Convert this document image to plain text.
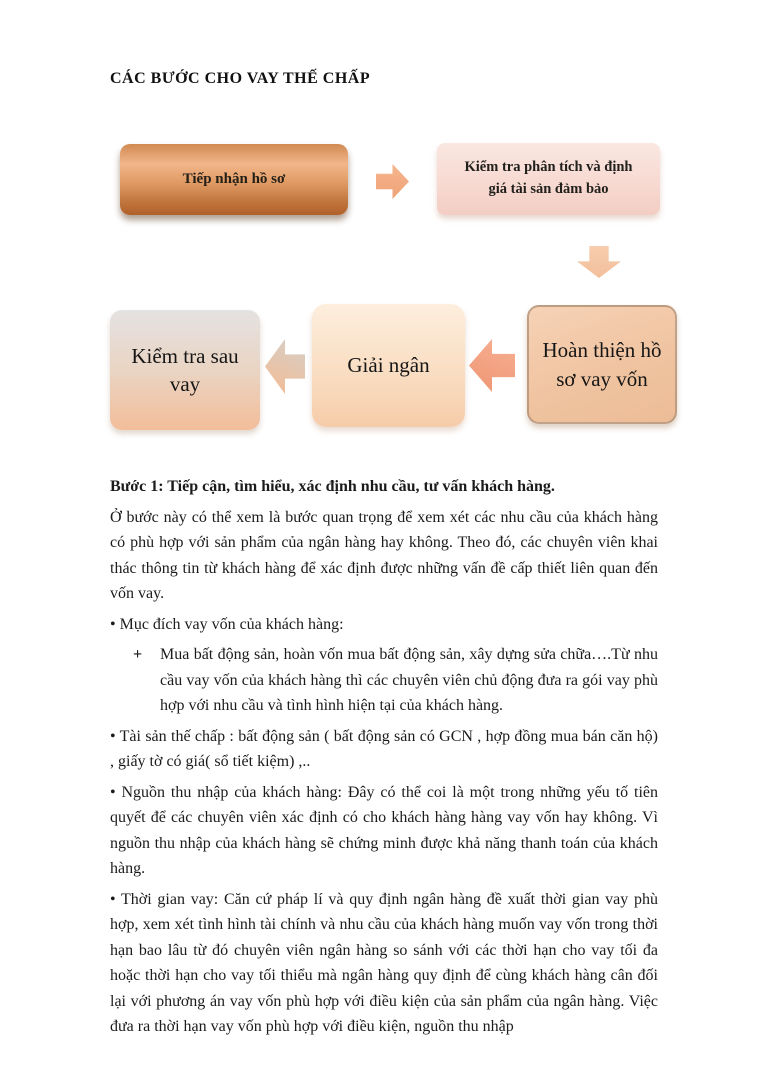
CÁC BƯỚC CHO VAY THẾ CHẤP
Tiếp nhận hồ sơ
Kiểm tra phân tích và định giá tài sản đảm bảo
Hoàn thiện hồ sơ vay vốn
Giải ngân
Kiểm tra sau vay
Bước 1: Tiếp cận, tìm hiểu, xác định nhu cầu, tư vấn khách hàng.

Ở bước này có thể xem là bước quan trọng để xem xét các nhu cầu của khách hàng có phù hợp với sản phẩm của ngân hàng hay không. Theo đó, các chuyên viên khai thác thông tin từ khách hàng để xác định được những vấn đề cấp thiết liên quan đến vốn vay.

• Mục đích vay vốn của khách hàng:

+	Mua bất động sản, hoàn vốn mua bất động sản, xây dựng sửa chữa….Từ nhu cầu vay vốn của khách hàng thì các chuyên viên chủ động đưa ra gói vay phù hợp với nhu cầu và tình hình hiện tại của khách hàng.

• Tài sản thế chấp : bất động sản ( bất động sản có GCN , hợp đồng mua bán căn hộ) , giấy tờ có giá( sổ tiết kiệm) ,..

• Nguồn thu nhập của khách hàng: Đây có thể coi là một trong những yếu tố tiên quyết để các chuyên viên xác định có cho khách hàng hàng vay vốn hay không. Vì nguồn thu nhập của khách hàng sẽ chứng minh được khả năng thanh toán của khách hàng.

• Thời gian vay: Căn cứ pháp lí và quy định ngân hàng đề xuất thời gian vay phù hợp, xem xét tình hình tài chính và nhu cầu của khách hàng muốn vay vốn trong thời hạn bao lâu từ đó chuyên viên ngân hàng so sánh với các thời hạn cho vay tối đa hoặc thời hạn cho vay tối thiểu mà ngân hàng quy định để cùng khách hàng cân đối lại với phương án vay vốn phù hợp với điều kiện của sản phẩm của ngân hàng. Việc đưa ra thời hạn vay vốn phù hợp với điều kiện, nguồn thu nhập
